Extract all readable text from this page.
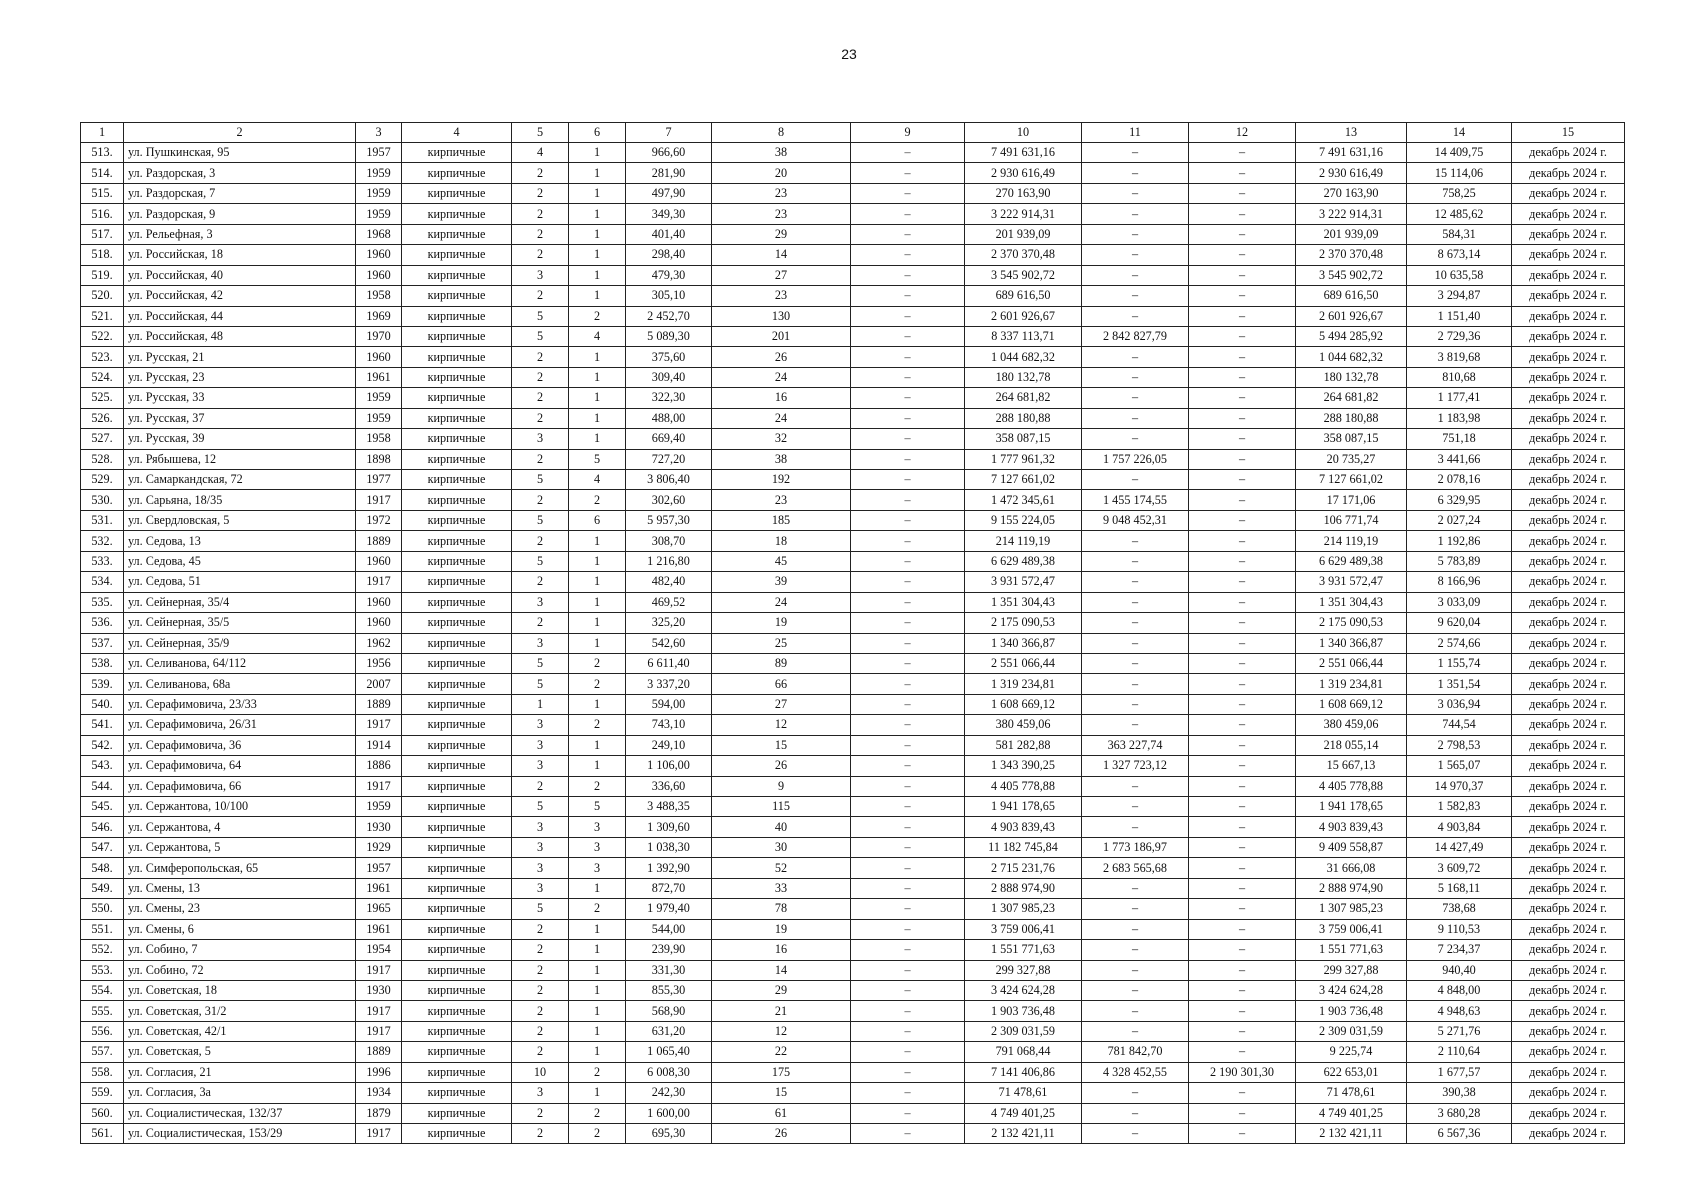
23
1	2	3	4	5	6	7	8	9	10	11	12	13	14	15
513.	ул. Пушкинская, 95	1957	кирпичные	4	1	966,60	38	–	7 491 631,16	–	–	7 491 631,16	14 409,75	декабрь 2024 г.
514.	ул. Раздорская, 3	1959	кирпичные	2	1	281,90	20	–	2 930 616,49	–	–	2 930 616,49	15 114,06	декабрь 2024 г.
515.	ул. Раздорская, 7	1959	кирпичные	2	1	497,90	23	–	270 163,90	–	–	270 163,90	758,25	декабрь 2024 г.
516.	ул. Раздорская, 9	1959	кирпичные	2	1	349,30	23	–	3 222 914,31	–	–	3 222 914,31	12 485,62	декабрь 2024 г.
517.	ул. Рельефная, 3	1968	кирпичные	2	1	401,40	29	–	201 939,09	–	–	201 939,09	584,31	декабрь 2024 г.
518.	ул. Российская, 18	1960	кирпичные	2	1	298,40	14	–	2 370 370,48	–	–	2 370 370,48	8 673,14	декабрь 2024 г.
519.	ул. Российская, 40	1960	кирпичные	3	1	479,30	27	–	3 545 902,72	–	–	3 545 902,72	10 635,58	декабрь 2024 г.
520.	ул. Российская, 42	1958	кирпичные	2	1	305,10	23	–	689 616,50	–	–	689 616,50	3 294,87	декабрь 2024 г.
521.	ул. Российская, 44	1969	кирпичные	5	2	2 452,70	130	–	2 601 926,67	–	–	2 601 926,67	1 151,40	декабрь 2024 г.
522.	ул. Российская, 48	1970	кирпичные	5	4	5 089,30	201	–	8 337 113,71	2 842 827,79	–	5 494 285,92	2 729,36	декабрь 2024 г.
523.	ул. Русская, 21	1960	кирпичные	2	1	375,60	26	–	1 044 682,32	–	–	1 044 682,32	3 819,68	декабрь 2024 г.
524.	ул. Русская, 23	1961	кирпичные	2	1	309,40	24	–	180 132,78	–	–	180 132,78	810,68	декабрь 2024 г.
525.	ул. Русская, 33	1959	кирпичные	2	1	322,30	16	–	264 681,82	–	–	264 681,82	1 177,41	декабрь 2024 г.
526.	ул. Русская, 37	1959	кирпичные	2	1	488,00	24	–	288 180,88	–	–	288 180,88	1 183,98	декабрь 2024 г.
527.	ул. Русская, 39	1958	кирпичные	3	1	669,40	32	–	358 087,15	–	–	358 087,15	751,18	декабрь 2024 г.
528.	ул. Рябышева, 12	1898	кирпичные	2	5	727,20	38	–	1 777 961,32	1 757 226,05	–	20 735,27	3 441,66	декабрь 2024 г.
529.	ул. Самаркандская, 72	1977	кирпичные	5	4	3 806,40	192	–	7 127 661,02	–	–	7 127 661,02	2 078,16	декабрь 2024 г.
530.	ул. Сарьяна, 18/35	1917	кирпичные	2	2	302,60	23	–	1 472 345,61	1 455 174,55	–	17 171,06	6 329,95	декабрь 2024 г.
531.	ул. Свердловская, 5	1972	кирпичные	5	6	5 957,30	185	–	9 155 224,05	9 048 452,31	–	106 771,74	2 027,24	декабрь 2024 г.
532.	ул. Седова, 13	1889	кирпичные	2	1	308,70	18	–	214 119,19	–	–	214 119,19	1 192,86	декабрь 2024 г.
533.	ул. Седова, 45	1960	кирпичные	5	1	1 216,80	45	–	6 629 489,38	–	–	6 629 489,38	5 783,89	декабрь 2024 г.
534.	ул. Седова, 51	1917	кирпичные	2	1	482,40	39	–	3 931 572,47	–	–	3 931 572,47	8 166,96	декабрь 2024 г.
535.	ул. Сейнерная, 35/4	1960	кирпичные	3	1	469,52	24	–	1 351 304,43	–	–	1 351 304,43	3 033,09	декабрь 2024 г.
536.	ул. Сейнерная, 35/5	1960	кирпичные	2	1	325,20	19	–	2 175 090,53	–	–	2 175 090,53	9 620,04	декабрь 2024 г.
537.	ул. Сейнерная, 35/9	1962	кирпичные	3	1	542,60	25	–	1 340 366,87	–	–	1 340 366,87	2 574,66	декабрь 2024 г.
538.	ул. Селиванова, 64/112	1956	кирпичные	5	2	6 611,40	89	–	2 551 066,44	–	–	2 551 066,44	1 155,74	декабрь 2024 г.
539.	ул. Селиванова, 68а	2007	кирпичные	5	2	3 337,20	66	–	1 319 234,81	–	–	1 319 234,81	1 351,54	декабрь 2024 г.
540.	ул. Серафимовича, 23/33	1889	кирпичные	1	1	594,00	27	–	1 608 669,12	–	–	1 608 669,12	3 036,94	декабрь 2024 г.
541.	ул. Серафимовича, 26/31	1917	кирпичные	3	2	743,10	12	–	380 459,06	–	–	380 459,06	744,54	декабрь 2024 г.
542.	ул. Серафимовича, 36	1914	кирпичные	3	1	249,10	15	–	581 282,88	363 227,74	–	218 055,14	2 798,53	декабрь 2024 г.
543.	ул. Серафимовича, 64	1886	кирпичные	3	1	1 106,00	26	–	1 343 390,25	1 327 723,12	–	15 667,13	1 565,07	декабрь 2024 г.
544.	ул. Серафимовича, 66	1917	кирпичные	2	2	336,60	9	–	4 405 778,88	–	–	4 405 778,88	14 970,37	декабрь 2024 г.
545.	ул. Сержантова, 10/100	1959	кирпичные	5	5	3 488,35	115	–	1 941 178,65	–	–	1 941 178,65	1 582,83	декабрь 2024 г.
546.	ул. Сержантова, 4	1930	кирпичные	3	3	1 309,60	40	–	4 903 839,43	–	–	4 903 839,43	4 903,84	декабрь 2024 г.
547.	ул. Сержантова, 5	1929	кирпичные	3	3	1 038,30	30	–	11 182 745,84	1 773 186,97	–	9 409 558,87	14 427,49	декабрь 2024 г.
548.	ул. Симферопольская, 65	1957	кирпичные	3	3	1 392,90	52	–	2 715 231,76	2 683 565,68	–	31 666,08	3 609,72	декабрь 2024 г.
549.	ул. Смены, 13	1961	кирпичные	3	1	872,70	33	–	2 888 974,90	–	–	2 888 974,90	5 168,11	декабрь 2024 г.
550.	ул. Смены, 23	1965	кирпичные	5	2	1 979,40	78	–	1 307 985,23	–	–	1 307 985,23	738,68	декабрь 2024 г.
551.	ул. Смены, 6	1961	кирпичные	2	1	544,00	19	–	3 759 006,41	–	–	3 759 006,41	9 110,53	декабрь 2024 г.
552.	ул. Собино, 7	1954	кирпичные	2	1	239,90	16	–	1 551 771,63	–	–	1 551 771,63	7 234,37	декабрь 2024 г.
553.	ул. Собино, 72	1917	кирпичные	2	1	331,30	14	–	299 327,88	–	–	299 327,88	940,40	декабрь 2024 г.
554.	ул. Советская, 18	1930	кирпичные	2	1	855,30	29	–	3 424 624,28	–	–	3 424 624,28	4 848,00	декабрь 2024 г.
555.	ул. Советская, 31/2	1917	кирпичные	2	1	568,90	21	–	1 903 736,48	–	–	1 903 736,48	4 948,63	декабрь 2024 г.
556.	ул. Советская, 42/1	1917	кирпичные	2	1	631,20	12	–	2 309 031,59	–	–	2 309 031,59	5 271,76	декабрь 2024 г.
557.	ул. Советская, 5	1889	кирпичные	2	1	1 065,40	22	–	791 068,44	781 842,70	–	9 225,74	2 110,64	декабрь 2024 г.
558.	ул. Согласия, 21	1996	кирпичные	10	2	6 008,30	175	–	7 141 406,86	4 328 452,55	2 190 301,30	622 653,01	1 677,57	декабрь 2024 г.
559.	ул. Согласия, 3а	1934	кирпичные	3	1	242,30	15	–	71 478,61	–	–	71 478,61	390,38	декабрь 2024 г.
560.	ул. Социалистическая, 132/37	1879	кирпичные	2	2	1 600,00	61	–	4 749 401,25	–	–	4 749 401,25	3 680,28	декабрь 2024 г.
561.	ул. Социалистическая, 153/29	1917	кирпичные	2	2	695,30	26	–	2 132 421,11	–	–	2 132 421,11	6 567,36	декабрь 2024 г.
